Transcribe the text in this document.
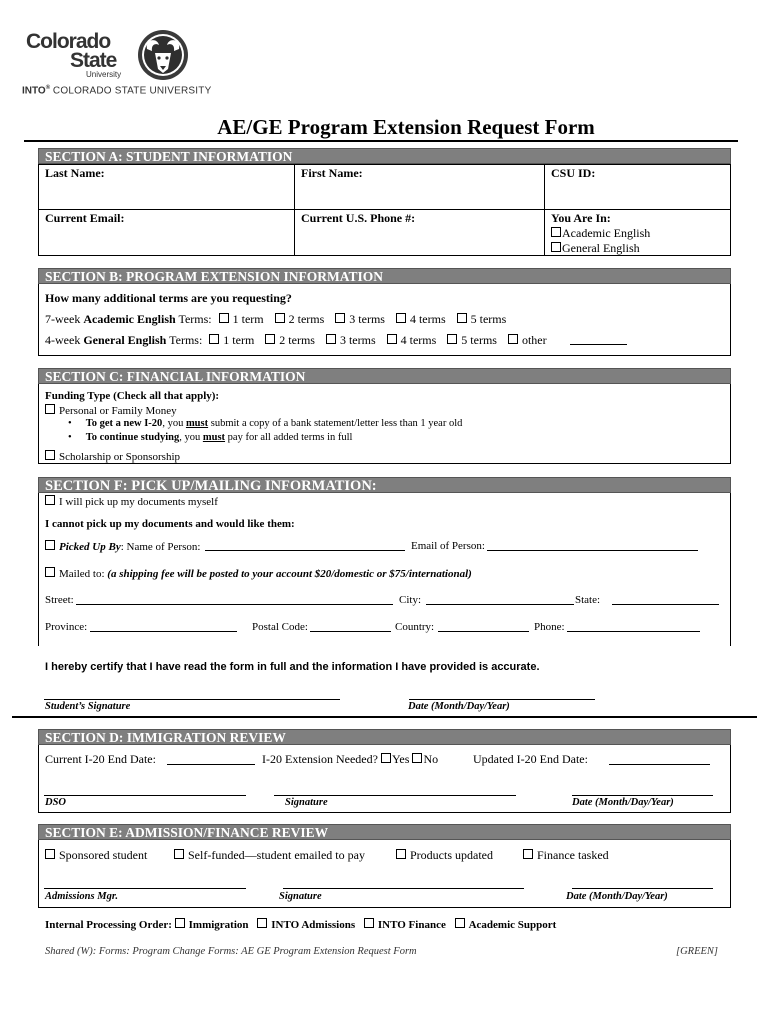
Colorado
State
University
INTO® COLORADO STATE UNIVERSITY
AE/GE Program Extension Request Form
SECTION A: STUDENT INFORMATION
Last Name:	First Name:	CSU ID:
Current Email:	Current U.S. Phone #:	You Are In:
Academic English
General English
SECTION B: PROGRAM EXTENSION INFORMATION
How many additional terms are you requesting?
7-week Academic English Terms: 1 term 2 terms 3 terms 4 terms 5 terms
4-week General English Terms: 1 term 2 terms 3 terms 4 terms 5 terms other
SECTION C: FINANCIAL INFORMATION
Funding Type (Check all that apply):
Personal or Family Money
• To get a new I-20, you must submit a copy of a bank statement/letter less than 1 year old
• To continue studying, you must pay for all added terms in full
Scholarship or Sponsorship
SECTION F: PICK UP/MAILING INFORMATION:
I will pick up my documents myself
I cannot pick up my documents and would like them:
Picked Up By: Name of Person:	Email of Person:
Mailed to: (a shipping fee will be posted to your account $20/domestic or $75/international)
Street:	City:	State:
Province:	Postal Code:	Country:	Phone:
I hereby certify that I have read the form in full and the information I have provided is accurate.
Student’s Signature	Date (Month/Day/Year)
SECTION D: IMMIGRATION REVIEW
Current I-20 End Date:	I-20 Extension Needed? Yes No	Updated I-20 End Date:
DSO	Signature	Date (Month/Day/Year)
SECTION E: ADMISSION/FINANCE REVIEW
Sponsored student	Self-funded—student emailed to pay	Products updated	Finance tasked
Admissions Mgr.	Signature	Date (Month/Day/Year)
Internal Processing Order: Immigration INTO Admissions INTO Finance Academic Support
Shared (W): Forms: Program Change Forms: AE GE Program Extension Request Form	[GREEN]
